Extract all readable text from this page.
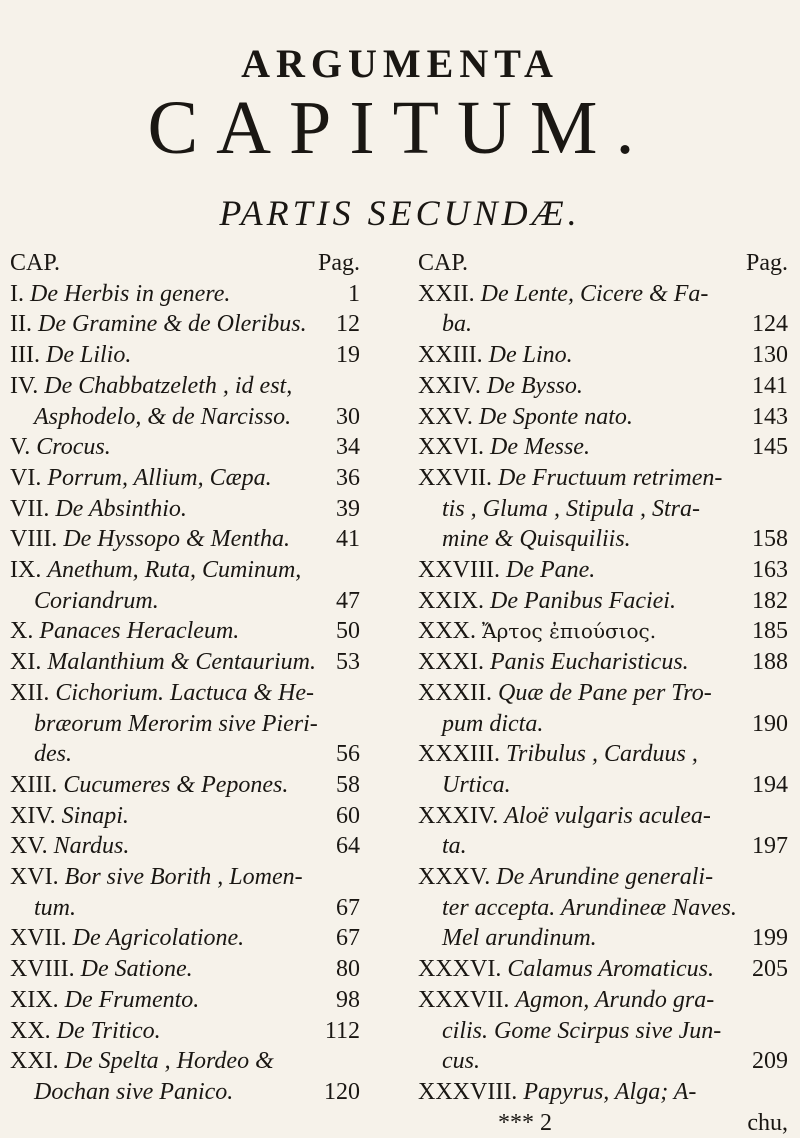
ARGUMENTA
CAPITUM.
PARTIS SECUNDÆ.
CAP.	Pag.
I. De Herbis in genere.	1
II. De Gramine & de Oleribus.	12
III. De Lilio.	19
IV. De Chabbatzeleth , id est,
Asphodelo, & de Narcisso.	30
V. Crocus.	34
VI. Porrum, Allium, Cæpa.	36
VII. De Absinthio.	39
VIII. De Hyssopo & Mentha.	41
IX. Anethum, Ruta, Cuminum,
Coriandrum.	47
X. Panaces Heracleum.	50
XI. Malanthium & Centaurium. 53
XII. Cichorium. Lactuca & He-
bræorum Merorim sive Pieri-
des.	56
XIII. Cucumeres & Pepones.	58
XIV. Sinapi.	60
XV. Nardus.	64
XVI. Bor sive Borith , Lomen-
tum.	67
XVII. De Agricolatione.	67
XVIII. De Satione.	80
XIX. De Frumento.	98
XX. De Tritico.	112
XXI. De Spelta , Hordeo &
Dochan sive Panico.	120
CAP.	Pag.
XXII. De Lente, Cicere & Fa-
ba.	124
XXIII. De Lino.	130
XXIV. De Bysso.	141
XXV. De Sponte nato.	143
XXVI. De Messe.	145
XXVII. De Fructuum retrimen-
tis , Gluma , Stipula , Stra-
mine & Quisquiliis.	158
XXVIII. De Pane.	163
XXIX. De Panibus Faciei.	182
XXX. Ἄρτος ἐπιούσιος.	185
XXXI. Panis Eucharisticus.	188
XXXII. Quæ de Pane per Tro-
pum dicta.	190
XXXIII. Tribulus , Carduus ,
Urtica.	194
XXXIV. Aloë vulgaris aculea-
ta.	197
XXXV. De Arundine generali-
ter accepta. Arundineæ Naves.
Mel arundinum.	199
XXXVI. Calamus Aromaticus.	205
XXXVII. Agmon, Arundo gra-
cilis. Gome Scirpus sive Jun-
cus.	209
XXXVIII. Papyrus, Alga; A-
*** 2	chu,
